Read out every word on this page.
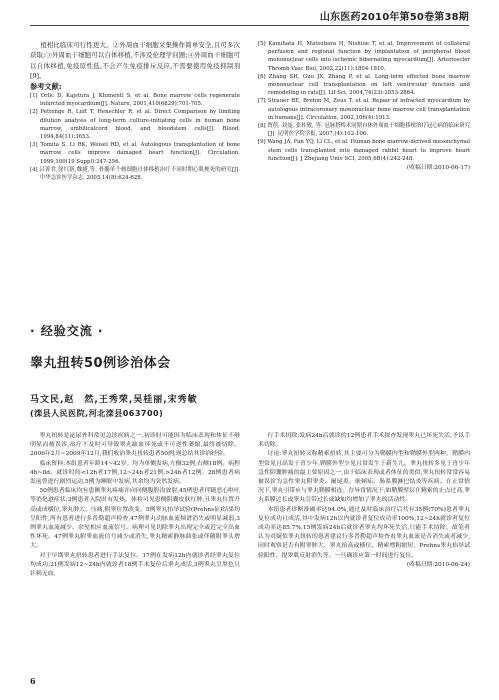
山东医药2010年第50卷第38期

植相比临床可行性更大。②外周血干细胞采集操作简单安全,且可多次获取;③外周血干细胞可以自体移植,不涉及伦理学问题;④外周血干细胞可以自体移植,免疫原性低,不会产生免疫排斥反应,不需要使用免疫抑制剂[9]。

参考文献:

[1] Orlic D, Kajstura J, Khimenti S, et al. Bone marrow cells regenerate infarcted myocardium[J]. Nature, 2001,410(6829):701-705.

[2] Pettenge R, Luft T, Henschler R, et al. Direct Comparison by limiting dilution analysis of long-term culture-initiating cells in human bone marrow, umbilicalcord blood, and bloodstem cells[J]. Blood, 1994,84(11):3653.

[3] Tomita S, Li RK, Weisel RD, et al. Autologous transplantation of bone marrow cells improve damaged heart function[J]. Circulation, 1999,100(19 Suppl):247-256.

[4] 吕菁君,徐红新,魏捷,等. 骨髓单个核细胞自体移植治疗不同时期心肌梗死的研究[J]. 中华急诊医学杂志, 2005,14(8):624-628.

[5] Kamihata H, Matsubara H, Nishiue T, et al. Improvement of collateral perfusion and regional function by implantation of peripheral blood mononuclear cells into ischemic hibernating myocardium[J]. Arterioscler Thromb Vasc Biol, 2002,22(11):1804-1810.

[6] Zhang SH, Guo JX, Zhang P, et al. Long-term effected bone marrow mononuclear cell transplantation on left ventricular function and remodeling in rats[J]. Lif Sci, 2004,74(23):2853-2864.

[7] Strauer BE, Brehm M, Zeus T, et al. Repair of infracted myocardium by autologous intracoronary mononuclear bone marrow cell transplantation in humans[J]. Circulation, 2002,106(4):1913.

[8] 贾蓓, 刘曼, 张桂敏, 等. 冠脉搭桥术同期自体外周血干细胞移植治疗冠心病的临床研究[J]. 昆明医学院学报, 2007,(4):102-106.

[9] Wang JA, Fan YQ, Li CL, et al. Human bone marrow-derived mesenchymal stem cells transplanted into damaged rabbit heart to improve heart function[J]. J Zhejiang Univ SCI, 2005,6B(4):242-248.

(收稿日期:2010-06-17)

· 经验交流 ·
睾丸扭转50例诊治体会
马文民,赵　然,王秀荣,吴桂丽,宋秀敏
(滦县人民医院,河北滦县063700)

睾丸扭转是泌尿外科常见急诊疾病之一,初诊时可能因为临床表现和体征不够明显而被误诊,治疗不及时可导致睾丸缺血坏死或不可逆性萎缩,最终被切除。2006年2月~2009年12月,我们收治睾丸扭转患者50例,现总结其诊治经验。

临床资料:本组患者年龄14~42岁。均为单侧发病,左侧32例,右侧18例。病程4h~8d。就诊时间<12h者17例,12~24h者21例,>24h者12例。28例患者病发前曾进行剧烈运动,5例为睡眠中发病,其余均为突然发病。

50例患者临床均有患侧睾丸疼痛并向同侧腹股沟放射,45例患者伴随恶心呕吐等消化道症状;3例患者入院时有发热。体检可见患侧阴囊皮肤红肿,且睾丸位置升高或成横位,睾丸肿大、压痛,附睾位置改变。5例睾丸抬举试验(Prehns征)结果均呈阳性,所有患者进行多普勒超声检查,47例睾丸动脉血流频谱消失或明显减弱,3例睾丸血流减少。余见相应血流信号。病理可见切除睾丸出现完全或近完全出血性坏死。47例睾丸附睾血流信号减少或消失,睾丸精索静脉曲张或伴随附睾头增大。

对于早期睾丸扭转患者进行手法复位。17例在发病12h内就诊者经睾丸复位均成功;21例发病12~24h内就诊者18例手术复位后睾丸成活,3例睾丸呈黑色且针刺无血,

行手术切除;发病24h后就诊的12例患者手术探查发现睾丸已坏死失活,予以手术切除。

讨论:睾丸扭转又称精索扭转,其主要可分为鞘膜内型和鞘膜外型两种。鞘膜内型常见且高发于青少年,鞘膜外型少见且常发生于新生儿。睾丸扭转多见于青少年急性阴囊肿痛的最主要原因之一,由于临床表现或者体征的类似,睾丸扭转常常容易被误诊为急性睾丸附睾炎、阑尾炎、嵌顿疝、肠系膜淋巴结炎等疾病。在正常情况下,睾丸引带应与睾丸鞘膜相连。存异常情况下,如鞘膜壁层在精索的止点过高,睾丸系膜过长或睾丸引带过长或缺如均增加了睾丸的活动性。

本组患者诊断准确率达94.0%,通过及时临床治疗后共有35例(70%)患者睾丸复位成功且成活,其中发病12h以内就诊者复位成功率100%,12~24h就诊者复位成功率达85.7%,15例发病24h后就诊者睾丸均坏死失活,只能手术切除。故笔者认为对疑似睾丸扭转的患者建议行多普勒超声检查看睾丸血流是否消失或者减少,同时观察是否有附睾肿大、睾丸抬高或横位、精索增粗缩短、Prehns睾丸抬举试验阳性、提睾肌反射消失等。一旦确诊应第一时间进行复位。

(收稿日期:2010-06-24)

6
